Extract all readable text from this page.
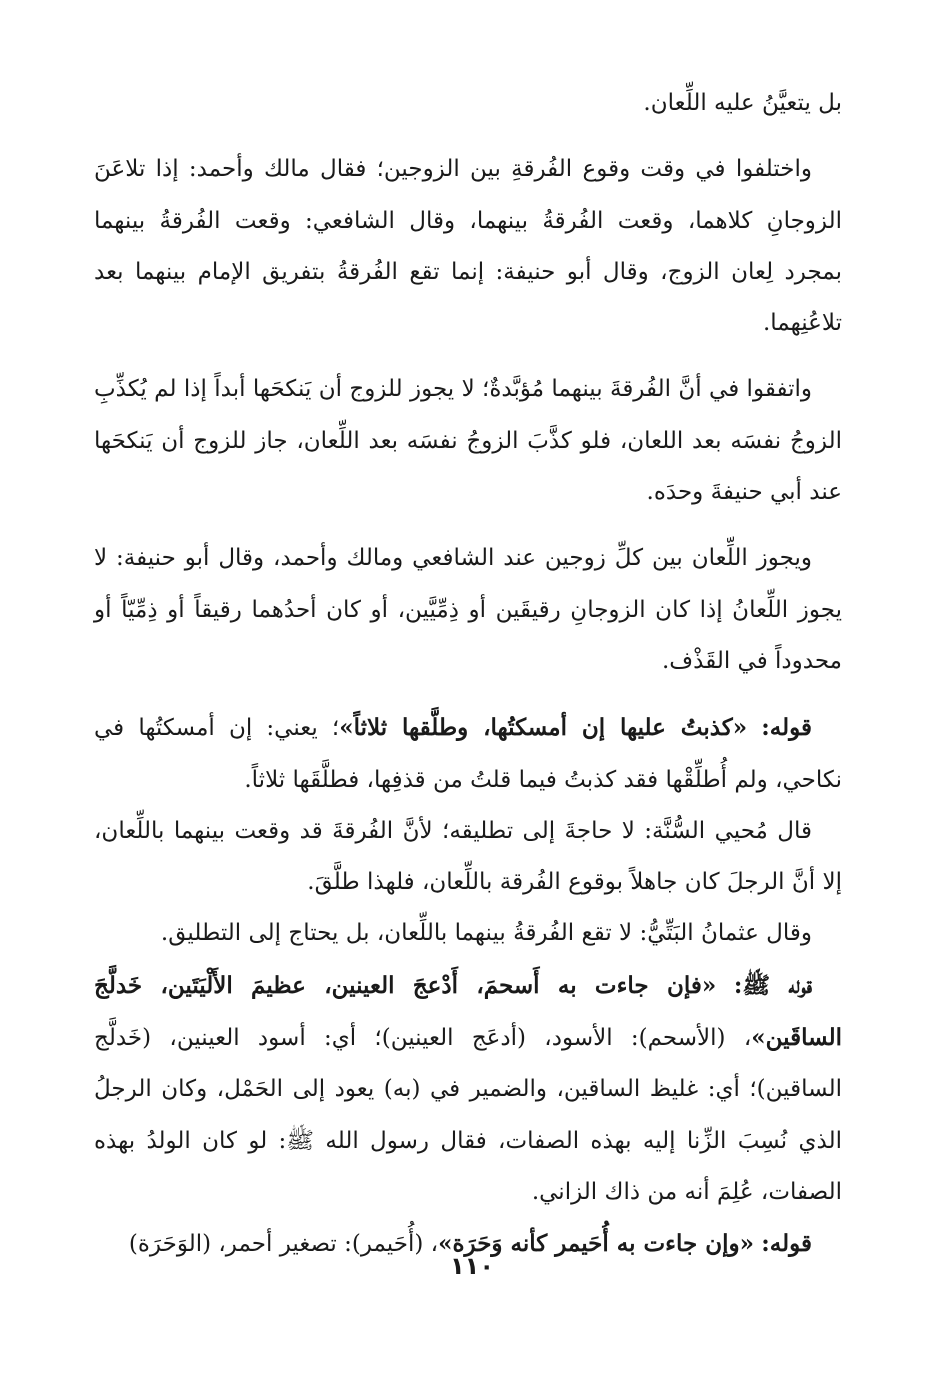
بل يتعيَّنُ عليه اللِّعان.

واختلفوا في وقت وقوع الفُرقةِ بين الزوجين؛ فقال مالك وأحمد: إذا تلاعَنَ الزوجانِ كلاهما، وقعت الفُرقةُ بينهما، وقال الشافعي: وقعت الفُرقةُ بينهما بمجرد لِعان الزوج، وقال أبو حنيفة: إنما تقع الفُرقةُ بتفريق الإمام بينهما بعد تلاعُنِهما.

واتفقوا في أنَّ الفُرقةَ بينهما مُؤبَّدةٌ؛ لا يجوز للزوج أن يَنكحَها أبداً إذا لم يُكذِّبِ الزوجُ نفسَه بعد اللعان، فلو كذَّبَ الزوجُ نفسَه بعد اللِّعان، جاز للزوج أن يَنكحَها عند أبي حنيفةَ وحدَه.

ويجوز اللِّعان بين كلِّ زوجين عند الشافعي ومالك وأحمد، وقال أبو حنيفة: لا يجوز اللِّعانُ إذا كان الزوجانِ رقيقَين أو ذِمِّيَّين، أو كان أحدُهما رقيقاً أو ذِمِّيّاً أو محدوداً في القَذْف.

قوله: «كذبتُ عليها إن أمسكتُها، وطلَّقها ثلاثاً»؛ يعني: إن أمسكتُها في نكاحي، ولم أُطلِّقْها فقد كذبتُ فيما قلتُ من قذفِها، فطلَّقَها ثلاثاً.

قال مُحيي السُّنَّة: لا حاجةَ إلى تطليقه؛ لأنَّ الفُرقةَ قد وقعت بينهما باللِّعان، إلا أنَّ الرجلَ كان جاهلاً بوقوع الفُرقة باللِّعان، فلهذا طلَّقَ.

وقال عثمانُ البَتِّيُّ: لا تقع الفُرقةُ بينهما باللِّعان، بل يحتاج إلى التطليق.

قوله ﷺ: «فإن جاءت به أَسحمَ، أَدْعجَ العينين، عظيمَ الأَلْيَتَين، خَدلَّجَ الساقَين»، (الأسحم): الأسود، (أدعَج العينين)؛ أي: أسود العينين، (خَدلَّج الساقين)؛ أي: غليظ الساقين، والضمير في (به) يعود إلى الحَمْل، وكان الرجلُ الذي نُسِبَ الزِّنا إليه بهذه الصفات، فقال رسول الله ﷺ: لو كان الولدُ بهذه الصفات، عُلِمَ أنه من ذاك الزاني.

قوله: «وإن جاءت به أُحَيمر كأنه وَحَرَة»، (أُحَيمر): تصغير أحمر، (الوَحَرَة)

١١٠
